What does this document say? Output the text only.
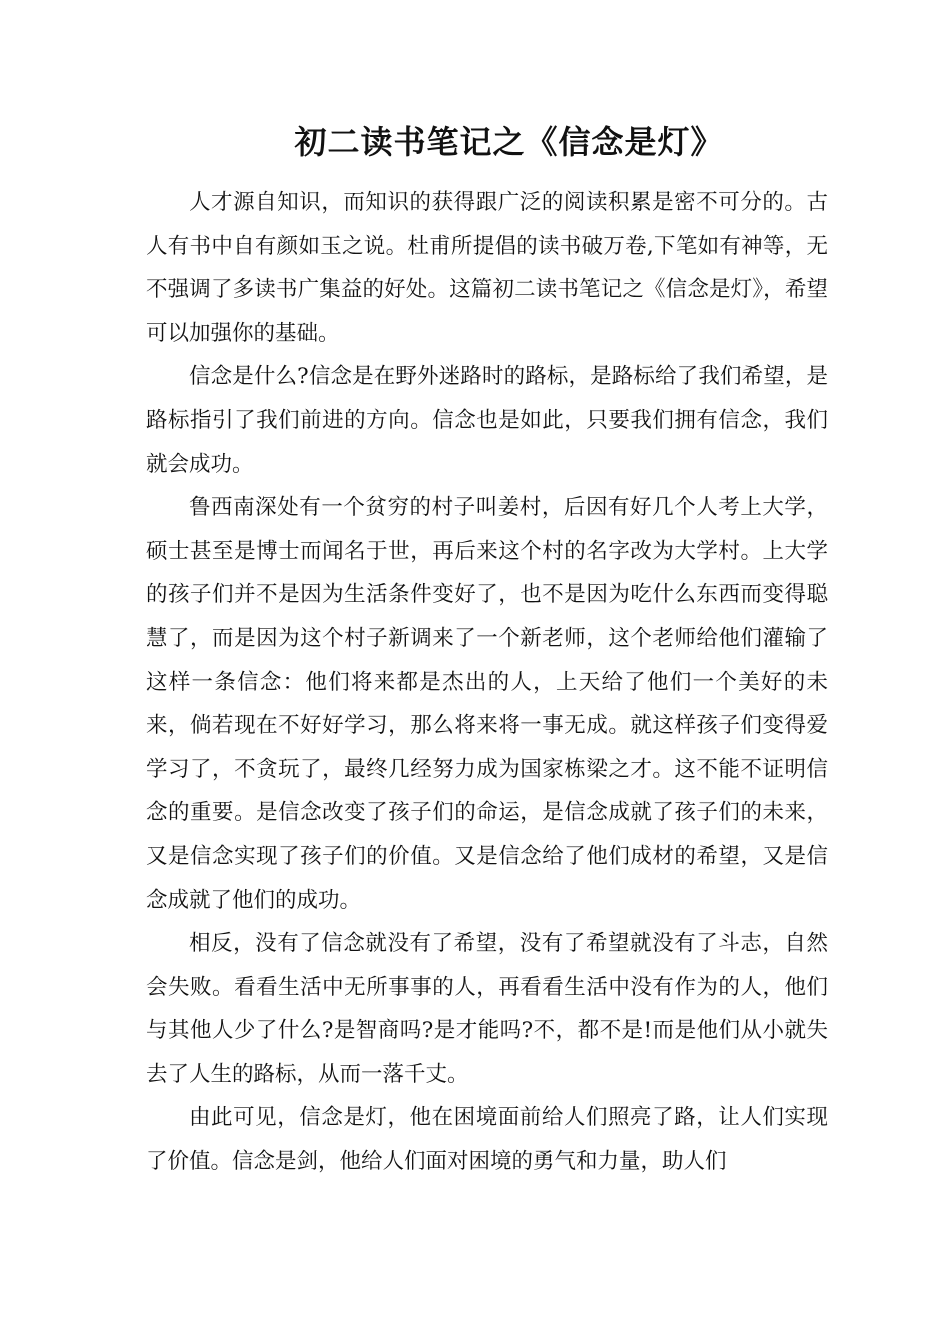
初二读书笔记之《信念是灯》

人才源自知识，而知识的获得跟广泛的阅读积累是密不可分的。古人有书中自有颜如玉之说。杜甫所提倡的读书破万卷,下笔如有神等，无不强调了多读书广集益的好处。这篇初二读书笔记之《信念是灯》，希望可以加强你的基础。

信念是什么?信念是在野外迷路时的路标，是路标给了我们希望，是路标指引了我们前进的方向。信念也是如此，只要我们拥有信念，我们就会成功。

鲁西南深处有一个贫穷的村子叫姜村，后因有好几个人考上大学，硕士甚至是博士而闻名于世，再后来这个村的名字改为大学村。上大学的孩子们并不是因为生活条件变好了，也不是因为吃什么东西而变得聪慧了，而是因为这个村子新调来了一个新老师，这个老师给他们灌输了这样一条信念：他们将来都是杰出的人，上天给了他们一个美好的未来，倘若现在不好好学习，那么将来将一事无成。就这样孩子们变得爱学习了，不贪玩了，最终几经努力成为国家栋梁之才。这不能不证明信念的重要。是信念改变了孩子们的命运，是信念成就了孩子们的未来，又是信念实现了孩子们的价值。又是信念给了他们成材的希望，又是信念成就了他们的成功。

相反，没有了信念就没有了希望，没有了希望就没有了斗志，自然会失败。看看生活中无所事事的人，再看看生活中没有作为的人，他们与其他人少了什么?是智商吗?是才能吗?不，都不是!而是他们从小就失去了人生的路标，从而一落千丈。

由此可见，信念是灯，他在困境面前给人们照亮了路，让人们实现了价值。信念是剑，他给人们面对困境的勇气和力量，助人们
